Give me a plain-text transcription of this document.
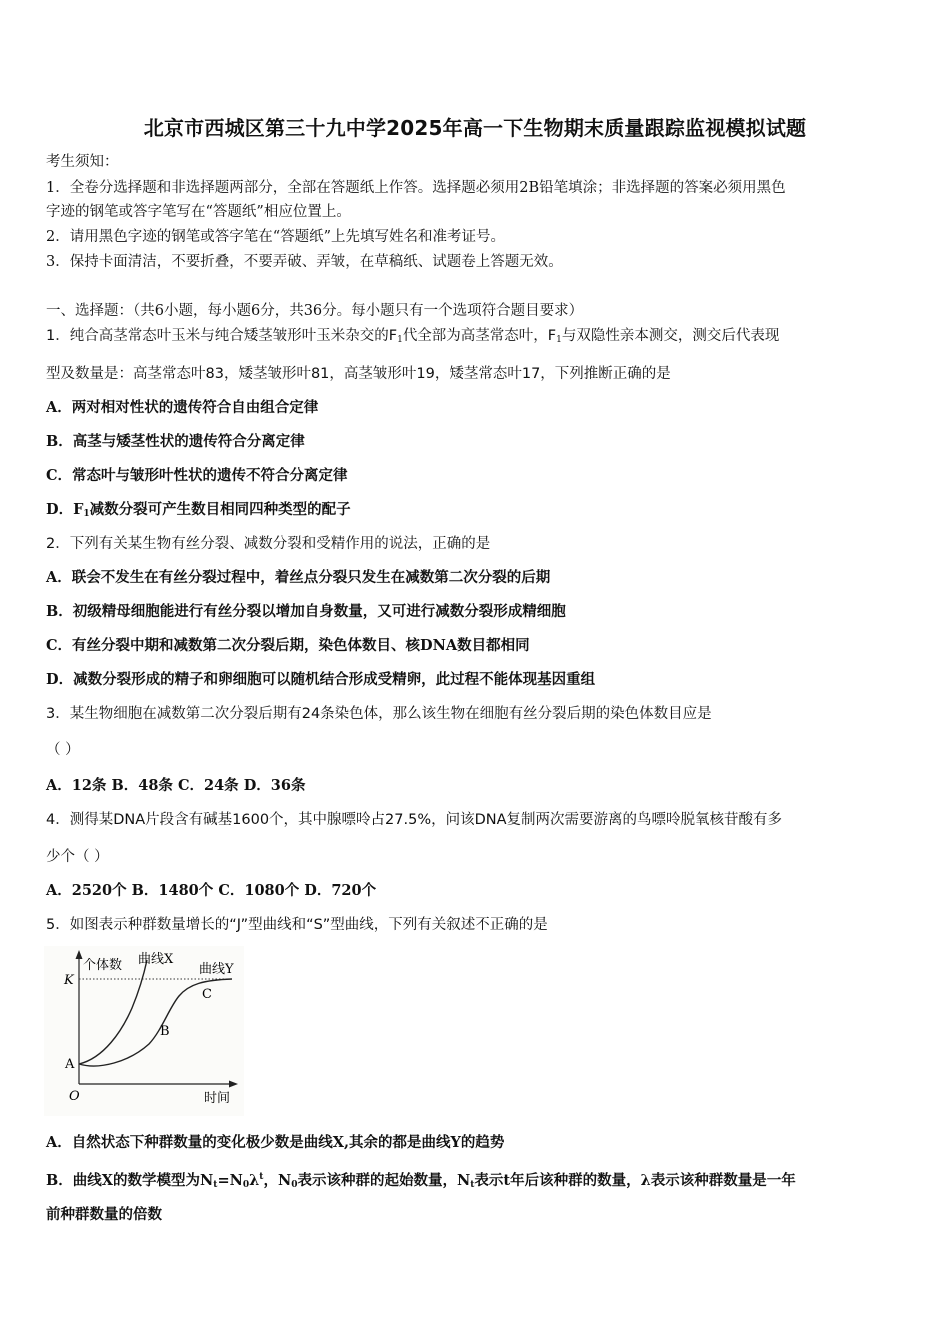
北京市西城区第三十九中学2025年高一下生物期末质量跟踪监视模拟试题
考生须知：
1．全卷分选择题和非选择题两部分，全部在答题纸上作答。选择题必须用2B铅笔填涂；非选择题的答案必须用黑色
字迹的钢笔或答字笔写在“答题纸”相应位置上。
2．请用黑色字迹的钢笔或答字笔在“答题纸”上先填写姓名和准考证号。
3．保持卡面清洁，不要折叠，不要弄破、弄皱，在草稿纸、试题卷上答题无效。
一、选择题：（共6小题，每小题6分，共36分。每小题只有一个选项符合题目要求）
1．纯合高茎常态叶玉米与纯合矮茎皱形叶玉米杂交的$F_1$代全部为高茎常态叶，$F_1$与双隐性亲本测交，测交后代表现
型及数量是：高茎常态叶83，矮茎皱形叶81，高茎皱形叶19，矮茎常态叶17，下列推断正确的是
A．两对相对性状的遗传符合自由组合定律
B．高茎与矮茎性状的遗传符合分离定律
C．常态叶与皱形叶性状的遗传不符合分离定律
D．$F_1$减数分裂可产生数目相同四种类型的配子
2．下列有关某生物有丝分裂、减数分裂和受精作用的说法，正确的是
A．联会不发生在有丝分裂过程中，着丝点分裂只发生在减数第二次分裂的后期
B．初级精母细胞能进行有丝分裂以增加自身数量，又可进行减数分裂形成精细胞
C．有丝分裂中期和减数第二次分裂后期，染色体数目、核DNA数目都相同
D．减数分裂形成的精子和卵细胞可以随机结合形成受精卵，此过程不能体现基因重组
3．某生物细胞在减数第二次分裂后期有24条染色体，那么该生物在细胞有丝分裂后期的染色体数目应是
（ ）
A．12条 B．48条 C．24条 D．36条
4．测得某DNA片段含有碱基1600个，其中腺嘌呤占27.5%，问该DNA复制两次需要游离的鸟嘌呤脱氧核苷酸有多
少个（ ）
A．2520个 B．1480个 C．1080个 D．720个
5．如图表示种群数量增长的“J”型曲线和“S”型曲线，下列有关叙述不正确的是
个体数 曲线X
曲线Y
K
A
B
C
O	时间
A．自然状态下种群数量的变化极少数是曲线X,其余的都是曲线Y的趋势
B．曲线X的数学模型为$N_t=N_0\lambda^t$，$N_0$表示该种群的起始数量，$N_t$表示t年后该种群的数量，λ表示该种群数量是一年
前种群数量的倍数
